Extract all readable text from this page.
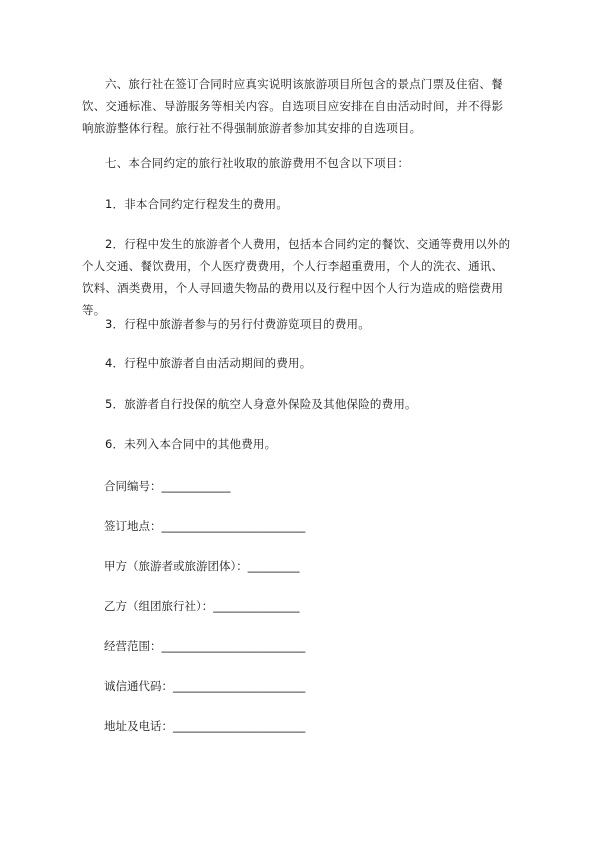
六、旅行社在签订合同时应真实说明该旅游项目所包含的景点门票及住宿、餐饮、交通标准、导游服务等相关内容。自选项目应安排在自由活动时间，并不得影响旅游整体行程。旅行社不得强制旅游者参加其安排的自选项目。

七、本合同约定的旅行社收取的旅游费用不包含以下项目：

1．非本合同约定行程发生的费用。

2．行程中发生的旅游者个人费用，包括本合同约定的餐饮、交通等费用以外的个人交通、餐饮费用，个人医疗费费用，个人行李超重费用，个人的洗衣、通讯、饮料、酒类费用，个人寻回遗失物品的费用以及行程中因个人行为造成的赔偿费用等。

3．行程中旅游者参与的另行付费游览项目的费用。

4．行程中旅游者自由活动期间的费用。

5．旅游者自行投保的航空人身意外保险及其他保险的费用。

6．未列入本合同中的其他费用。

合同编号：____________
签订地点：_________________________
甲方（旅游者或旅游团体）：_________
乙方（组团旅行社）：_______________
经营范围：_________________________
诚信通代码：_______________________
地址及电话：_______________________
